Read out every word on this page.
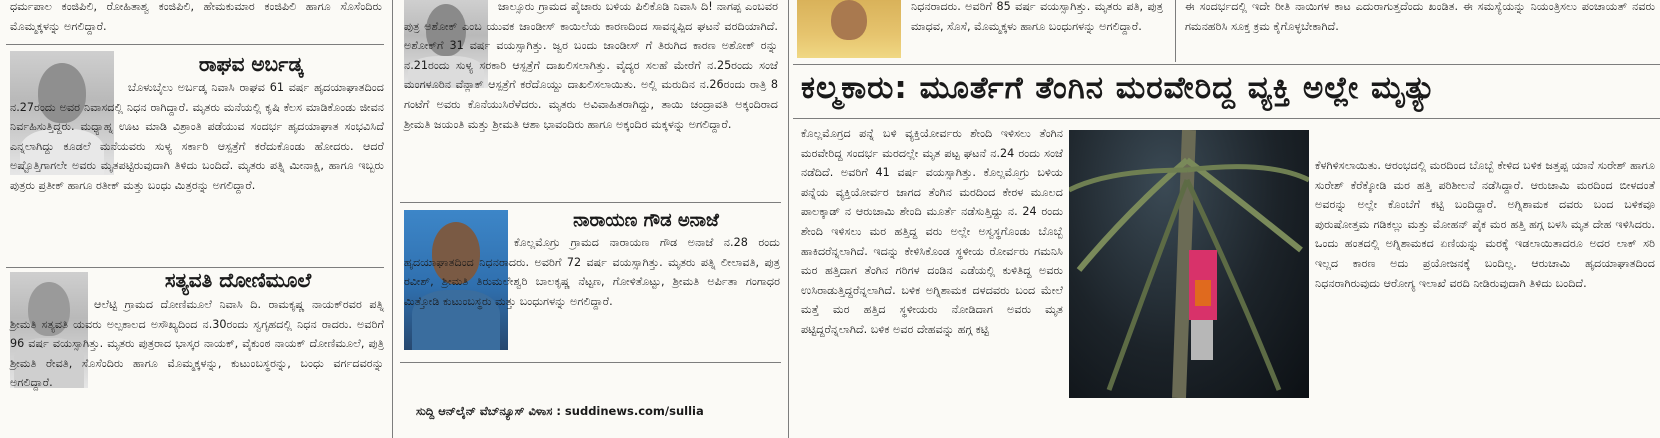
ಧರ್ಮಪಾಲ ಕಂಜಿಪಿಲಿ, ರೋಹಿತಾಶ್ವ ಕಂಜಿಪಿಲಿ, ಹೇಮಕುಮಾರ ಕಂಜಿಪಿಲಿ ಹಾಗೂ ಸೊಸೆಂದಿರು ಮೊಮ್ಮಕ್ಕಳನ್ನು ಅಗಲಿದ್ದಾರೆ.

ರಾಘವ ಅರ್ಬಡ್ಕ

ಬೊಳುಬೈಲು ಅರ್ಬಡ್ಕ ನಿವಾಸಿ ರಾಘವ 61 ವರ್ಷ ಹೃದಯಾಘಾತದಿಂದ ನ.27ರಂದು ಅವರ ನಿವಾಸದಲ್ಲಿ ನಿಧನ ರಾಗಿದ್ದಾರೆ. ಮೃತರು ಮನೆಯಲ್ಲಿ ಕೃಷಿ ಕೆಲಸ ಮಾಡಿಕೊಂಡು ಜೀವನ ನಿರ್ವಹಿಸುತ್ತಿದ್ದರು. ಮಧ್ಯಾಹ್ನ ಊಟ ಮಾಡಿ ವಿಶ್ರಾಂತಿ ಪಡೆಯುವ ಸಂದರ್ಭ ಹೃದಯಾಘಾತ ಸಂಭವಿಸಿದೆ ಎನ್ನಲಾಗಿದ್ದು ಕೂಡಲೆ ಮನೆಯವರು ಸುಳ್ಯ ಸರ್ಕಾರಿ ಆಸ್ಪತ್ರೆಗೆ ಕರೆದುಕೊಂಡು ಹೋದರು. ಆದರೆ ಅಷ್ಟೊತ್ತಿಗಾಗಲೇ ಅವರು ಮೃತಪಟ್ಟಿರುವುದಾಗಿ ತಿಳಿದು ಬಂದಿದೆ. ಮೃತರು ಪತ್ನಿ ಮೀನಾಕ್ಷಿ, ಹಾಗೂ ಇಬ್ಬರು ಪುತ್ರರು ಪ್ರತೀಕ್ ಹಾಗೂ ರತೀಕ್ ಮತ್ತು ಬಂಧು ಮಿತ್ರರನ್ನು ಅಗಲಿದ್ದಾರೆ.

ಸತ್ಯವತಿ ದೋಣಿಮೂಲೆ

ಆಲೆಟ್ಟಿ ಗ್ರಾಮದ ದೋಣಿಮೂಲೆ ನಿವಾಸಿ ದಿ. ರಾಮಕೃಷ್ಣ ನಾಯಕ್‌ರವರ ಪತ್ನಿ ಶ್ರೀಮತಿ ಸತ್ಯವತಿ ಯವರು ಅಲ್ಪಕಾಲದ ಅಸೌಖ್ಯದಿಂದ ನ.30ರಂದು ಸ್ವಗೃಹದಲ್ಲಿ ನಿಧನ ರಾದರು. ಅವರಿಗೆ 96 ವರ್ಷ ವಯಸ್ಸಾಗಿತ್ತು. ಮೃತರು ಪುತ್ರರಾದ ಭಾಸ್ಕರ ನಾಯಕ್, ವೈಕುಂಠ ನಾಯಕ್ ದೋಣಿಮೂಲೆ, ಪುತ್ರಿ ಶ್ರೀಮತಿ ರೇವತಿ, ಸೊಸೆಂದಿರು ಹಾಗೂ ಮೊಮ್ಮಕ್ಕಳನ್ನು, ಕುಟುಂಬಸ್ಥರನ್ನು, ಬಂಧು ವರ್ಗದವರನ್ನು ಅಗಲಿದ್ದಾರೆ.

ಜಾಲ್ಸೂರು ಗ್ರಾಮದ ಪೈಚಾರು ಬಳಿಯ ಪಿಲಿಕೊಡಿ ನಿವಾಸಿ ದಿ! ನಾಗಪ್ಪ ಎಂಬವರ ಪುತ್ರ ಅಶೋಕ್ ಎಂಬ ಯುವಕ ಜಾಂಡೀಸ್ ಕಾಯಿಲೆಯ ಕಾರಣದಿಂದ ಸಾವನ್ನಪ್ಪಿದ ಘಟನೆ ವರದಿಯಾಗಿದೆ. ಅಶೋಕ್‌ಗೆ 31 ವರ್ಷ ವಯಸ್ಸಾಗಿತ್ತು. ಜ್ವರ ಬಂದು ಜಾಂಡೀಸ್ ಗೆ ತಿರುಗಿದ ಕಾರಣ ಅಶೋಕ್ ರನ್ನು ನ.21ರಂದು ಸುಳ್ಯ ಸರಕಾರಿ ಆಸ್ಪತ್ರೆಗೆ ದಾಖಲಿಸಲಾಗಿತ್ತು. ವೈದ್ಯರ ಸಲಹೆ ಮೇರೆಗೆ ನ.25ರಂದು ಸಂಜೆ ಮಂಗಳೂರಿನ ವೆನ್ಲಾಕ್ ಆಸ್ಪತ್ರೆಗೆ ಕರೆದೊಯ್ದು ದಾಖಲಿಸಲಾಯಿತು. ಅಲ್ಲಿ ಮರುದಿನ ನ.26ರಂದು ರಾತ್ರಿ 8 ಗಂಟೆಗೆ ಅವರು ಕೊನೆಯುಸಿರೆಳೆದರು. ಮೃತರು ಅವಿವಾಹಿತರಾಗಿದ್ದು, ತಾಯಿ ಚಂದ್ರಾವತಿ ಅಕ್ಕಂದಿರಾದ ಶ್ರೀಮತಿ ಜಯಂತಿ ಮತ್ತು ಶ್ರೀಮತಿ ಆಶಾ ಭಾವಂದಿರು ಹಾಗೂ ಅಕ್ಕಂದಿರ ಮಕ್ಕಳನ್ನು ಅಗಲಿದ್ದಾರೆ.

ನಾರಾಯಣ ಗೌಡ ಅನಾಜೆ

ಕೊಲ್ಲಮೊಗ್ರು ಗ್ರಾಮದ ನಾರಾಯಣ ಗೌಡ ಅನಾಜೆ ನ.28 ರಂದು ಹೃದಯಾಘಾತದಿಂದ ನಿಧನರಾದರು. ಅವರಿಗೆ 72 ವರ್ಷ ವಯಸ್ಸಾಗಿತ್ತು. ಮೃತರು ಪತ್ನಿ ಲೀಲಾವತಿ, ಪುತ್ರ ರವೀಶ್, ಶ್ರೀಮತಿ ತಿರುಮಲೇಶ್ವರಿ ಬಾಲಕೃಷ್ಣ ನೆಟ್ಟಣ, ಗೋಳಿತೊಟ್ಟು, ಶ್ರೀಮತಿ ಅರ್ಪಿತಾ ಗಂಗಾಧರ ಮಿತ್ತೋಡಿ ಕುಟುಂಬಸ್ಥರು ಮತ್ತು ಬಂಧುಗಳನ್ನು ಅಗಲಿದ್ದಾರೆ.

ಸುದ್ದಿ ಆನ್‌ಲೈನ್ ವೆಬ್‌ನ್ಯೂಸ್ ವಿಳಾಸ : suddinews.com/sullia

ನಿಧನರಾದರು. ಅವರಿಗೆ 85 ವರ್ಷ ವಯಸ್ಸಾಗಿತ್ತು. ಮೃತರು ಪತಿ, ಪುತ್ರ ಮಾಧವ, ಸೊಸೆ, ಮೊಮ್ಮಕ್ಕಳು ಹಾಗೂ ಬಂಧುಗಳನ್ನು ಅಗಲಿದ್ದಾರೆ.

ಈ ಸಂದರ್ಭದಲ್ಲಿ ಇದೇ ರೀತಿ ನಾಯಿಗಳ ಕಾಟ ಎದುರಾಗುತ್ತದೆಂದು ಖಂಡಿತ. ಈ ಸಮಸ್ಯೆಯನ್ನು ನಿಯಂತ್ರಿಸಲು ಪಂಚಾಯತ್ ನವರು ಗಮನಹರಿಸಿ ಸೂಕ್ತ ಕ್ರಮ ಕೈಗೊಳ್ಳಬೇಕಾಗಿದೆ.

ಕಲ್ಮಕಾರು: ಮೂರ್ತೆಗೆ ತೆಂಗಿನ ಮರವೇರಿದ್ದ ವ್ಯಕ್ತಿ ಅಲ್ಲೇ ಮೃತ್ಯು

ಕೊಲ್ಲಮೊಗ್ರದ ಪನ್ನೆ ಬಳಿ ವ್ಯಕ್ತಿಯೋರ್ವರು ಶೇಂದಿ ಇಳಿಸಲು ತೆಂಗಿನ ಮರವೇರಿದ್ದ ಸಂದರ್ಭ ಮರದಲ್ಲೇ ಮೃತ ಪಟ್ಟ ಘಟನೆ ನ.24 ರಂದು ಸಂಜೆ ನಡೆದಿದೆ. ಅವರಿಗೆ 41 ವರ್ಷ ವಯಸ್ಸಾಗಿತ್ತು. ಕೊಲ್ಲಮೊಗ್ರು ಬಳಿಯ ಪನ್ನೆಯ ವ್ಯಕ್ತಿಯೋರ್ವರ ಜಾಗದ ತೆಂಗಿನ ಮರದಿಂದ ಕೇರಳ ಮೂಲದ ಪಾಲಕ್ಕಾಡ್ ನ ಆರುಚಾಮಿ ಶೇಂದಿ ಮೂರ್ತೆ ನಡೆಸುತ್ತಿದ್ದು ನ. 24 ರಂದು ಶೇಂದಿ ಇಳಿಸಲು ಮರ ಹತ್ತಿದ್ದ ವರು ಅಲ್ಲೇ ಅಸ್ವಸ್ಥಗೊಂಡು ಬೊಬ್ಬೆ ಹಾಕಿದರೆನ್ನಲಾಗಿದೆ. ಇದನ್ನು ಕೇಳಿಸಿಕೊಂಡ ಸ್ಥಳೀಯ ರೋರ್ವರು ಗಮನಿಸಿ ಮರ ಹತ್ತಿದಾಗ ತೆಂಗಿನ ಗರಿಗಳ ದಂಡಿನ ಎಡೆಯಲ್ಲಿ ಕುಳಿತಿದ್ದ ಅವರು ಉಸಿರಾಡುತ್ತಿದ್ದರೆನ್ನಲಾಗಿದೆ. ಬಳಿಕ ಅಗ್ನಿಶಾಮಕ ದಳದವರು ಬಂದ ಮೇಲೆ ಮತ್ತೆ ಮರ ಹತ್ತಿದ ಸ್ಥಳೀಯರು ನೋಡಿದಾಗ ಅವರು ಮೃತ ಪಟ್ಟಿದ್ದರೆನ್ನಲಾಗಿದೆ. ಬಳಿಕ ಅವರ ದೇಹವನ್ನು ಹಗ್ಗ ಕಟ್ಟಿ

ಕೆಳಗಿಳಿಸಲಾಯಿತು. ಆರಂಭದಲ್ಲಿ ಮರದಿಂದ ಬೊಬ್ಬೆ ಕೇಳಿದ ಬಳಿಕ ಜತ್ತಪ್ಪ ಯಾನೆ ಸುರೇಶ್ ಹಾಗೂ ಸುರೇಶ್ ಕೆರೆಕ್ಕೋಡಿ ಮರ ಹತ್ತಿ ಪರಿಶೀಲನೆ ನಡೆಸಿದ್ದಾರೆ. ಆರುಚಾಮಿ ಮರದಿಂದ ಬೀಳದಂತೆ ಅವರನ್ನು ಅಲ್ಲೇ ಕೊಂಬೆಗೆ ಕಟ್ಟಿ ಬಂದಿದ್ದಾರೆ. ಅಗ್ನಿಶಾಮಕ ದವರು ಬಂದ ಬಳಿಕವೂ ಪುರುಷೋತ್ತಮ ಗಡಿಕಲ್ಲು ಮತ್ತು ಮೋಹನ್ ಪೈಕ ಮರ ಹತ್ತಿ ಹಗ್ಗ ಬಳಸಿ ಮೃತ ದೇಹ ಇಳಿಸಿದರು. ಒಂದು ಹಂತದಲ್ಲಿ ಅಗ್ನಿಶಾಮಕದ ಏಣಿಯನ್ನು ಮರಕ್ಕೆ ಇಡಲಾಯಿತಾದರೂ ಅದರ ಲಾಕ್ ಸರಿ ಇಲ್ಲದ ಕಾರಣ ಅದು ಪ್ರಯೋಜನಕ್ಕೆ ಬಂದಿಲ್ಲ. ಆರುಚಾಮಿ ಹೃದಯಾಘಾತದಿಂದ ನಿಧನರಾಗಿರುವುದು ಆರೋಗ್ಯ ಇಲಾಖೆ ವರದಿ ನೀಡಿರುವುದಾಗಿ ತಿಳಿದು ಬಂದಿದೆ.
